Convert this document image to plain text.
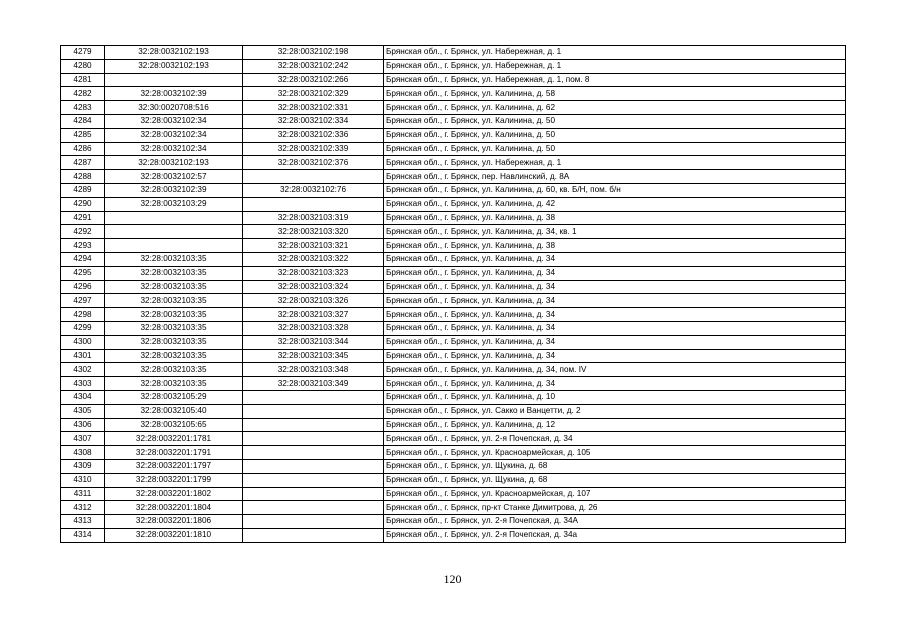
4279	32:28:0032102:193	32:28:0032102:198	Брянская обл., г. Брянск, ул. Набережная, д. 1
4280	32:28:0032102:193	32:28:0032102:242	Брянская обл., г. Брянск, ул. Набережная, д. 1
4281		32:28:0032102:266	Брянская обл., г. Брянск, ул. Набережная, д. 1, пом. 8
4282	32:28:0032102:39	32:28:0032102:329	Брянская обл., г. Брянск, ул. Калинина, д. 58
4283	32:30:0020708:516	32:28:0032102:331	Брянская обл., г. Брянск, ул. Калинина, д. 62
4284	32:28:0032102:34	32:28:0032102:334	Брянская обл., г. Брянск, ул. Калинина, д. 50
4285	32:28:0032102:34	32:28:0032102:336	Брянская обл., г. Брянск, ул. Калинина, д. 50
4286	32:28:0032102:34	32:28:0032102:339	Брянская обл., г. Брянск, ул. Калинина, д. 50
4287	32:28:0032102:193	32:28:0032102:376	Брянская обл., г. Брянск, ул. Набережная, д. 1
4288	32:28:0032102:57		Брянская обл., г. Брянск, пер. Навлинский, д. 8А
4289	32:28:0032102:39	32:28:0032102:76	Брянская обл., г. Брянск, ул. Калинина, д. 60, кв. Б/Н, пом. б/н
4290	32:28:0032103:29		Брянская обл., г. Брянск, ул. Калинина, д. 42
4291		32:28:0032103:319	Брянская обл., г. Брянск, ул. Калинина, д. 38
4292		32:28:0032103:320	Брянская обл., г. Брянск, ул. Калинина, д. 34, кв. 1
4293		32:28:0032103:321	Брянская обл., г. Брянск, ул. Калинина, д. 38
4294	32:28:0032103:35	32:28:0032103:322	Брянская обл., г. Брянск, ул. Калинина, д. 34
4295	32:28:0032103:35	32:28:0032103:323	Брянская обл., г. Брянск, ул. Калинина, д. 34
4296	32:28:0032103:35	32:28:0032103:324	Брянская обл., г. Брянск, ул. Калинина, д. 34
4297	32:28:0032103:35	32:28:0032103:326	Брянская обл., г. Брянск, ул. Калинина, д. 34
4298	32:28:0032103:35	32:28:0032103:327	Брянская обл., г. Брянск, ул. Калинина, д. 34
4299	32:28:0032103:35	32:28:0032103:328	Брянская обл., г. Брянск, ул. Калинина, д. 34
4300	32:28:0032103:35	32:28:0032103:344	Брянская обл., г. Брянск, ул. Калинина, д. 34
4301	32:28:0032103:35	32:28:0032103:345	Брянская обл., г. Брянск, ул. Калинина, д. 34
4302	32:28:0032103:35	32:28:0032103:348	Брянская обл., г. Брянск, ул. Калинина, д. 34, пом. IV
4303	32:28:0032103:35	32:28:0032103:349	Брянская обл., г. Брянск, ул. Калинина, д. 34
4304	32:28:0032105:29		Брянская обл., г. Брянск, ул. Калинина, д. 10
4305	32:28:0032105:40		Брянская обл., г. Брянск, ул. Сакко и Ванцетти, д. 2
4306	32:28:0032105:65		Брянская обл., г. Брянск, ул. Калинина, д. 12
4307	32:28:0032201:1781		Брянская обл., г. Брянск, ул. 2-я Почепская, д. 34
4308	32:28:0032201:1791		Брянская обл., г. Брянск, ул. Красноармейская, д. 105
4309	32:28:0032201:1797		Брянская обл., г. Брянск, ул. Щукина, д. 68
4310	32:28:0032201:1799		Брянская обл., г. Брянск, ул. Щукина, д. 68
4311	32:28:0032201:1802		Брянская обл., г. Брянск, ул. Красноармейская, д. 107
4312	32:28:0032201:1804		Брянская обл., г. Брянск, пр-кт Станке Димитрова, д. 26
4313	32:28:0032201:1806		Брянская обл., г. Брянск, ул. 2-я Почепская, д. 34А
4314	32:28:0032201:1810		Брянская обл., г. Брянск, ул. 2-я Почепская, д. 34а
120
